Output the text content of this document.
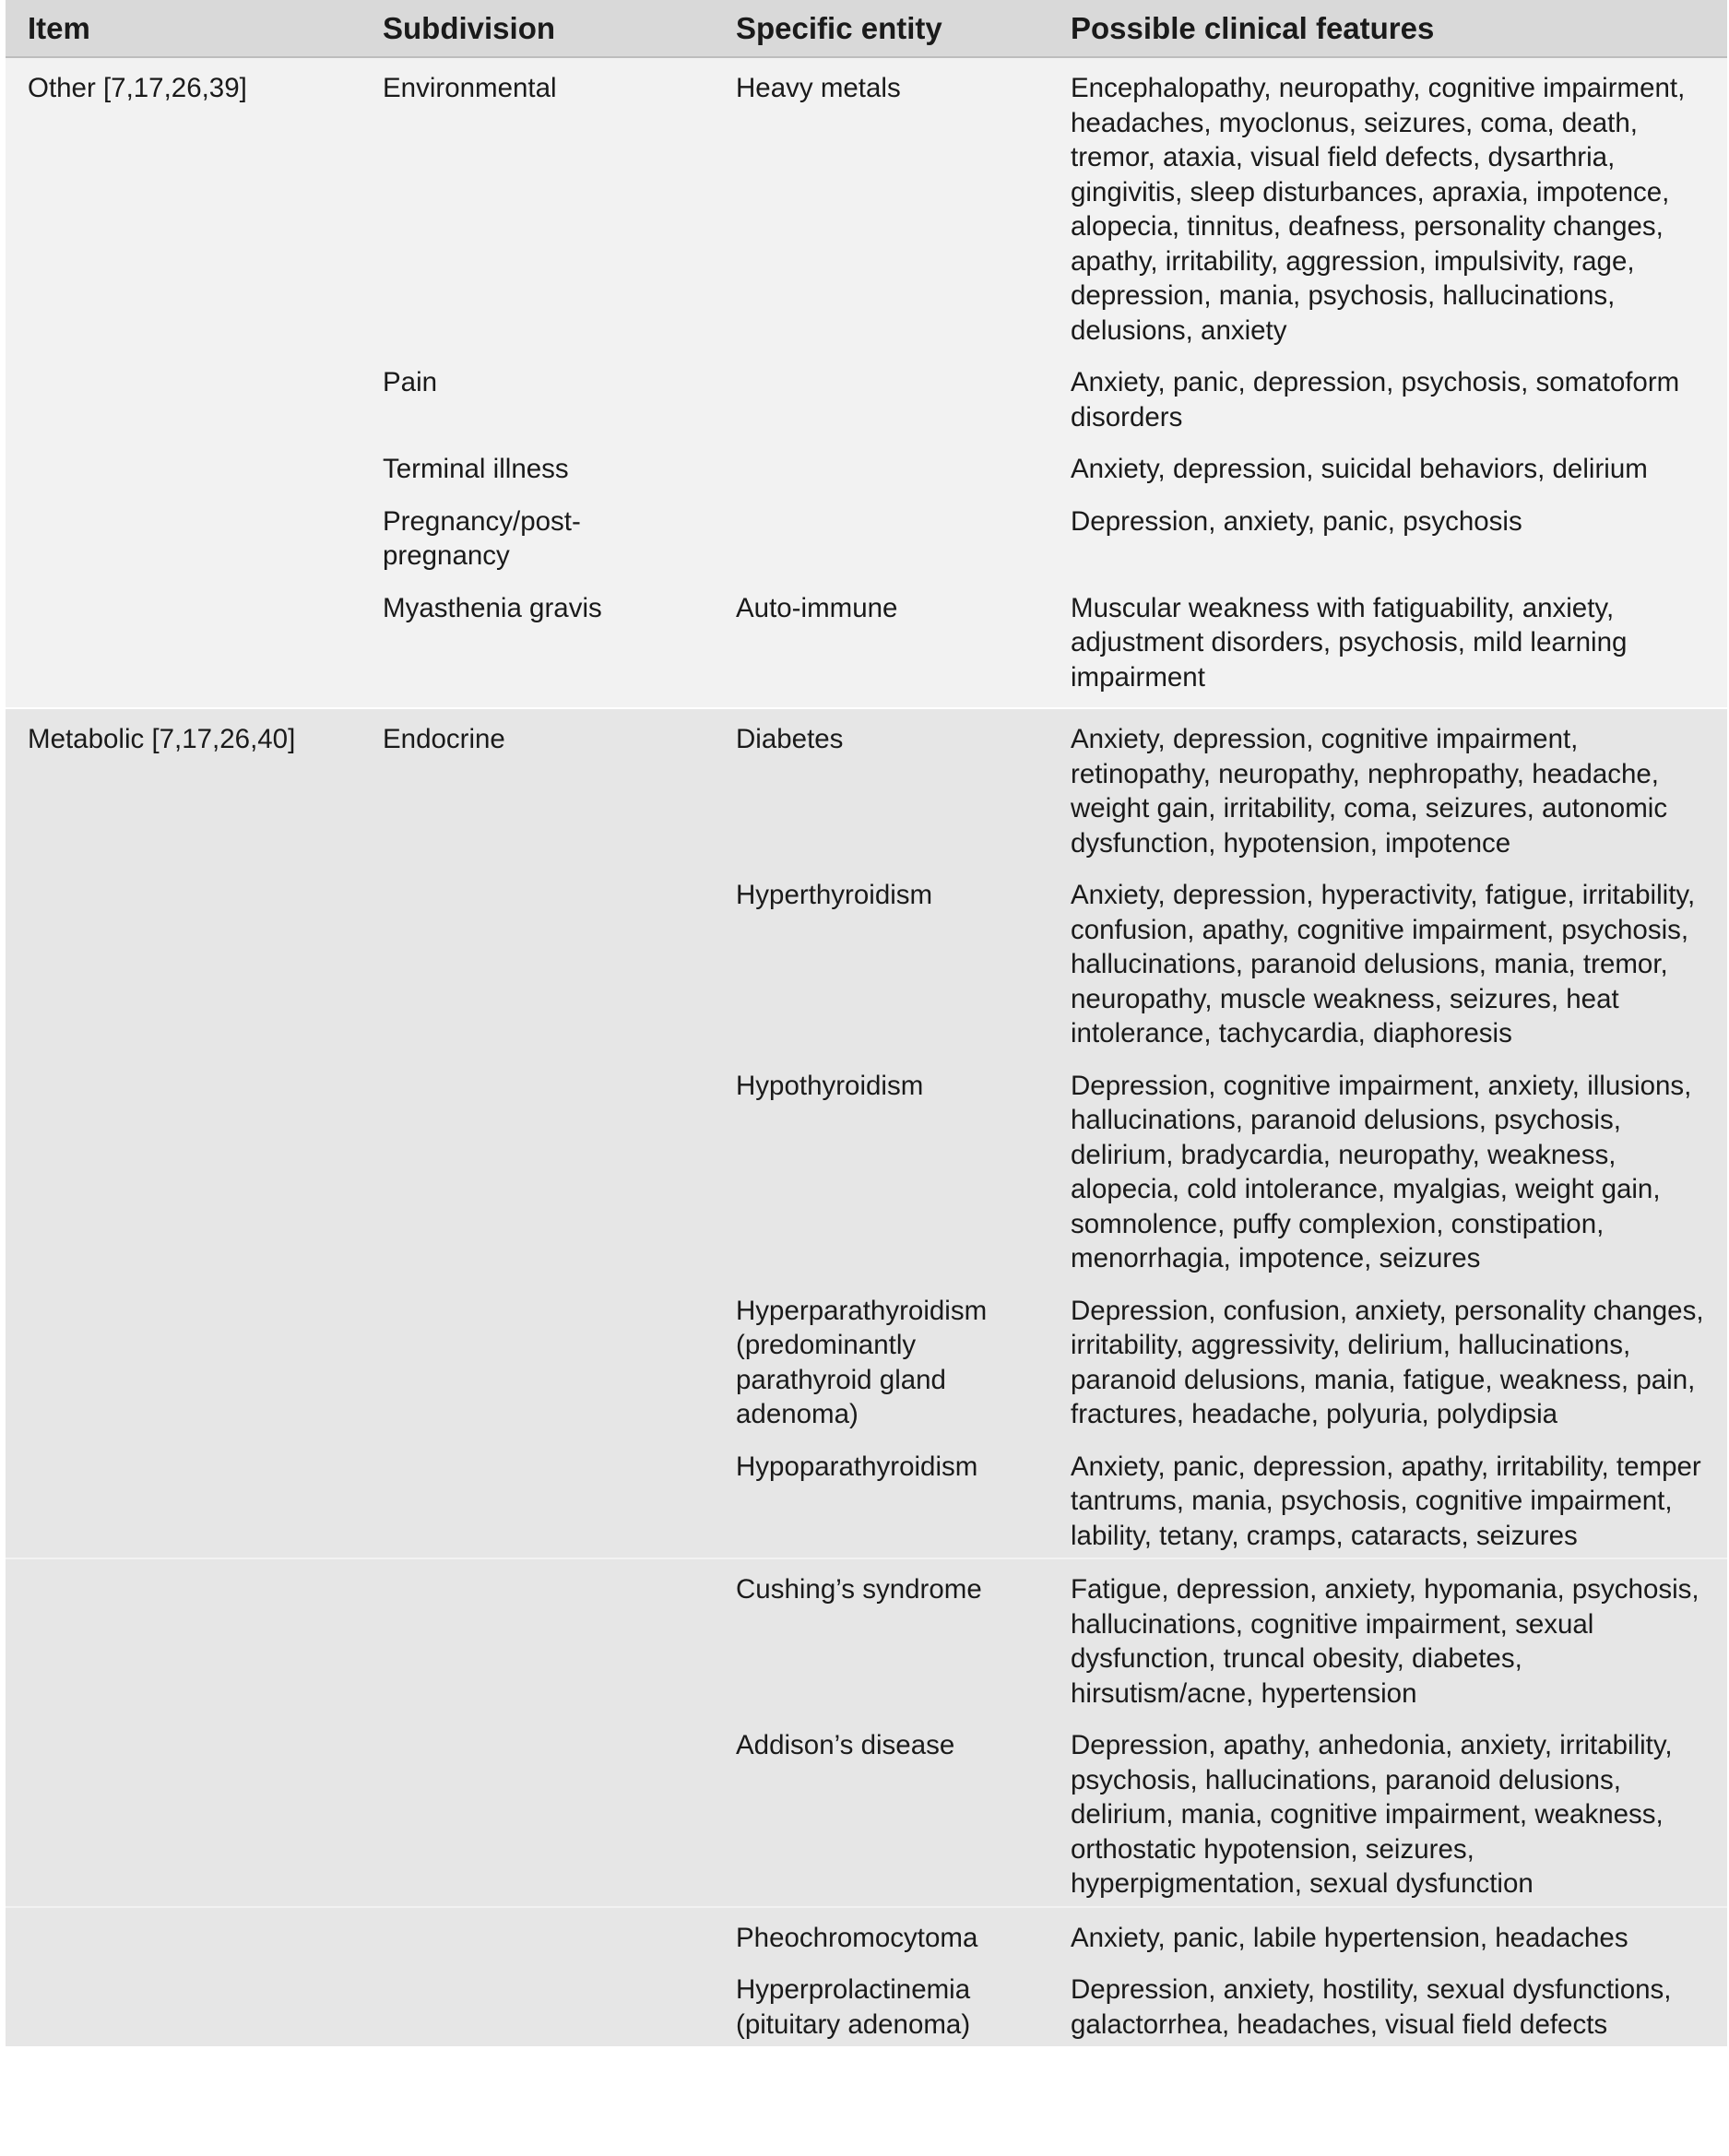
Item	Subdivision	Specific entity	Possible clinical features
Other [7,17,26,39]	Environmental	Heavy metals	Encephalopathy, neuropathy, cognitive impairment, headaches, myoclonus, seizures, coma, death, tremor, ataxia, visual field defects, dysarthria, gingivitis, sleep disturbances, apraxia, impotence, alopecia, tinnitus, deafness, personality changes, apathy, irritability, aggression, impulsivity, rage, depression, mania, psychosis, hallucinations, delusions, anxiety
	Pain		Anxiety, panic, depression, psychosis, somatoform disorders
	Terminal illness		Anxiety, depression, suicidal behaviors, delirium
	Pregnancy/post-pregnancy		Depression, anxiety, panic, psychosis
	Myasthenia gravis	Auto-immune	Muscular weakness with fatiguability, anxiety, adjustment disorders, psychosis, mild learning impairment
Metabolic [7,17,26,40]	Endocrine	Diabetes	Anxiety, depression, cognitive impairment, retinopathy, neuropathy, nephropathy, headache, weight gain, irritability, coma, seizures, autonomic dysfunction, hypotension, impotence
		Hyperthyroidism	Anxiety, depression, hyperactivity, fatigue, irritability, confusion, apathy, cognitive impairment, psychosis, hallucinations, paranoid delusions, mania, tremor, neuropathy, muscle weakness, seizures, heat intolerance, tachycardia, diaphoresis
		Hypothyroidism	Depression, cognitive impairment, anxiety, illusions, hallucinations, paranoid delusions, psychosis, delirium, bradycardia, neuropathy, weakness, alopecia, cold intolerance, myalgias, weight gain, somnolence, puffy complexion, constipation, menorrhagia, impotence, seizures
		Hyperparathyroidism (predominantly parathyroid gland adenoma)	Depression, confusion, anxiety, personality changes, irritability, aggressivity, delirium, hallucinations, paranoid delusions, mania, fatigue, weakness, pain, fractures, headache, polyuria, polydipsia
		Hypoparathyroidism	Anxiety, panic, depression, apathy, irritability, temper tantrums, mania, psychosis, cognitive impairment, lability, tetany, cramps, cataracts, seizures
		Cushing’s syndrome	Fatigue, depression, anxiety, hypomania, psychosis, hallucinations, cognitive impairment, sexual dysfunction, truncal obesity, diabetes, hirsutism/acne, hypertension
		Addison’s disease	Depression, apathy, anhedonia, anxiety, irritability, psychosis, hallucinations, paranoid delusions, delirium, mania, cognitive impairment, weakness, orthostatic hypotension, seizures, hyperpigmentation, sexual dysfunction
		Pheochromocytoma	Anxiety, panic, labile hypertension, headaches
		Hyperprolactinemia (pituitary adenoma)	Depression, anxiety, hostility, sexual dysfunctions, galactorrhea, headaches, visual field defects
